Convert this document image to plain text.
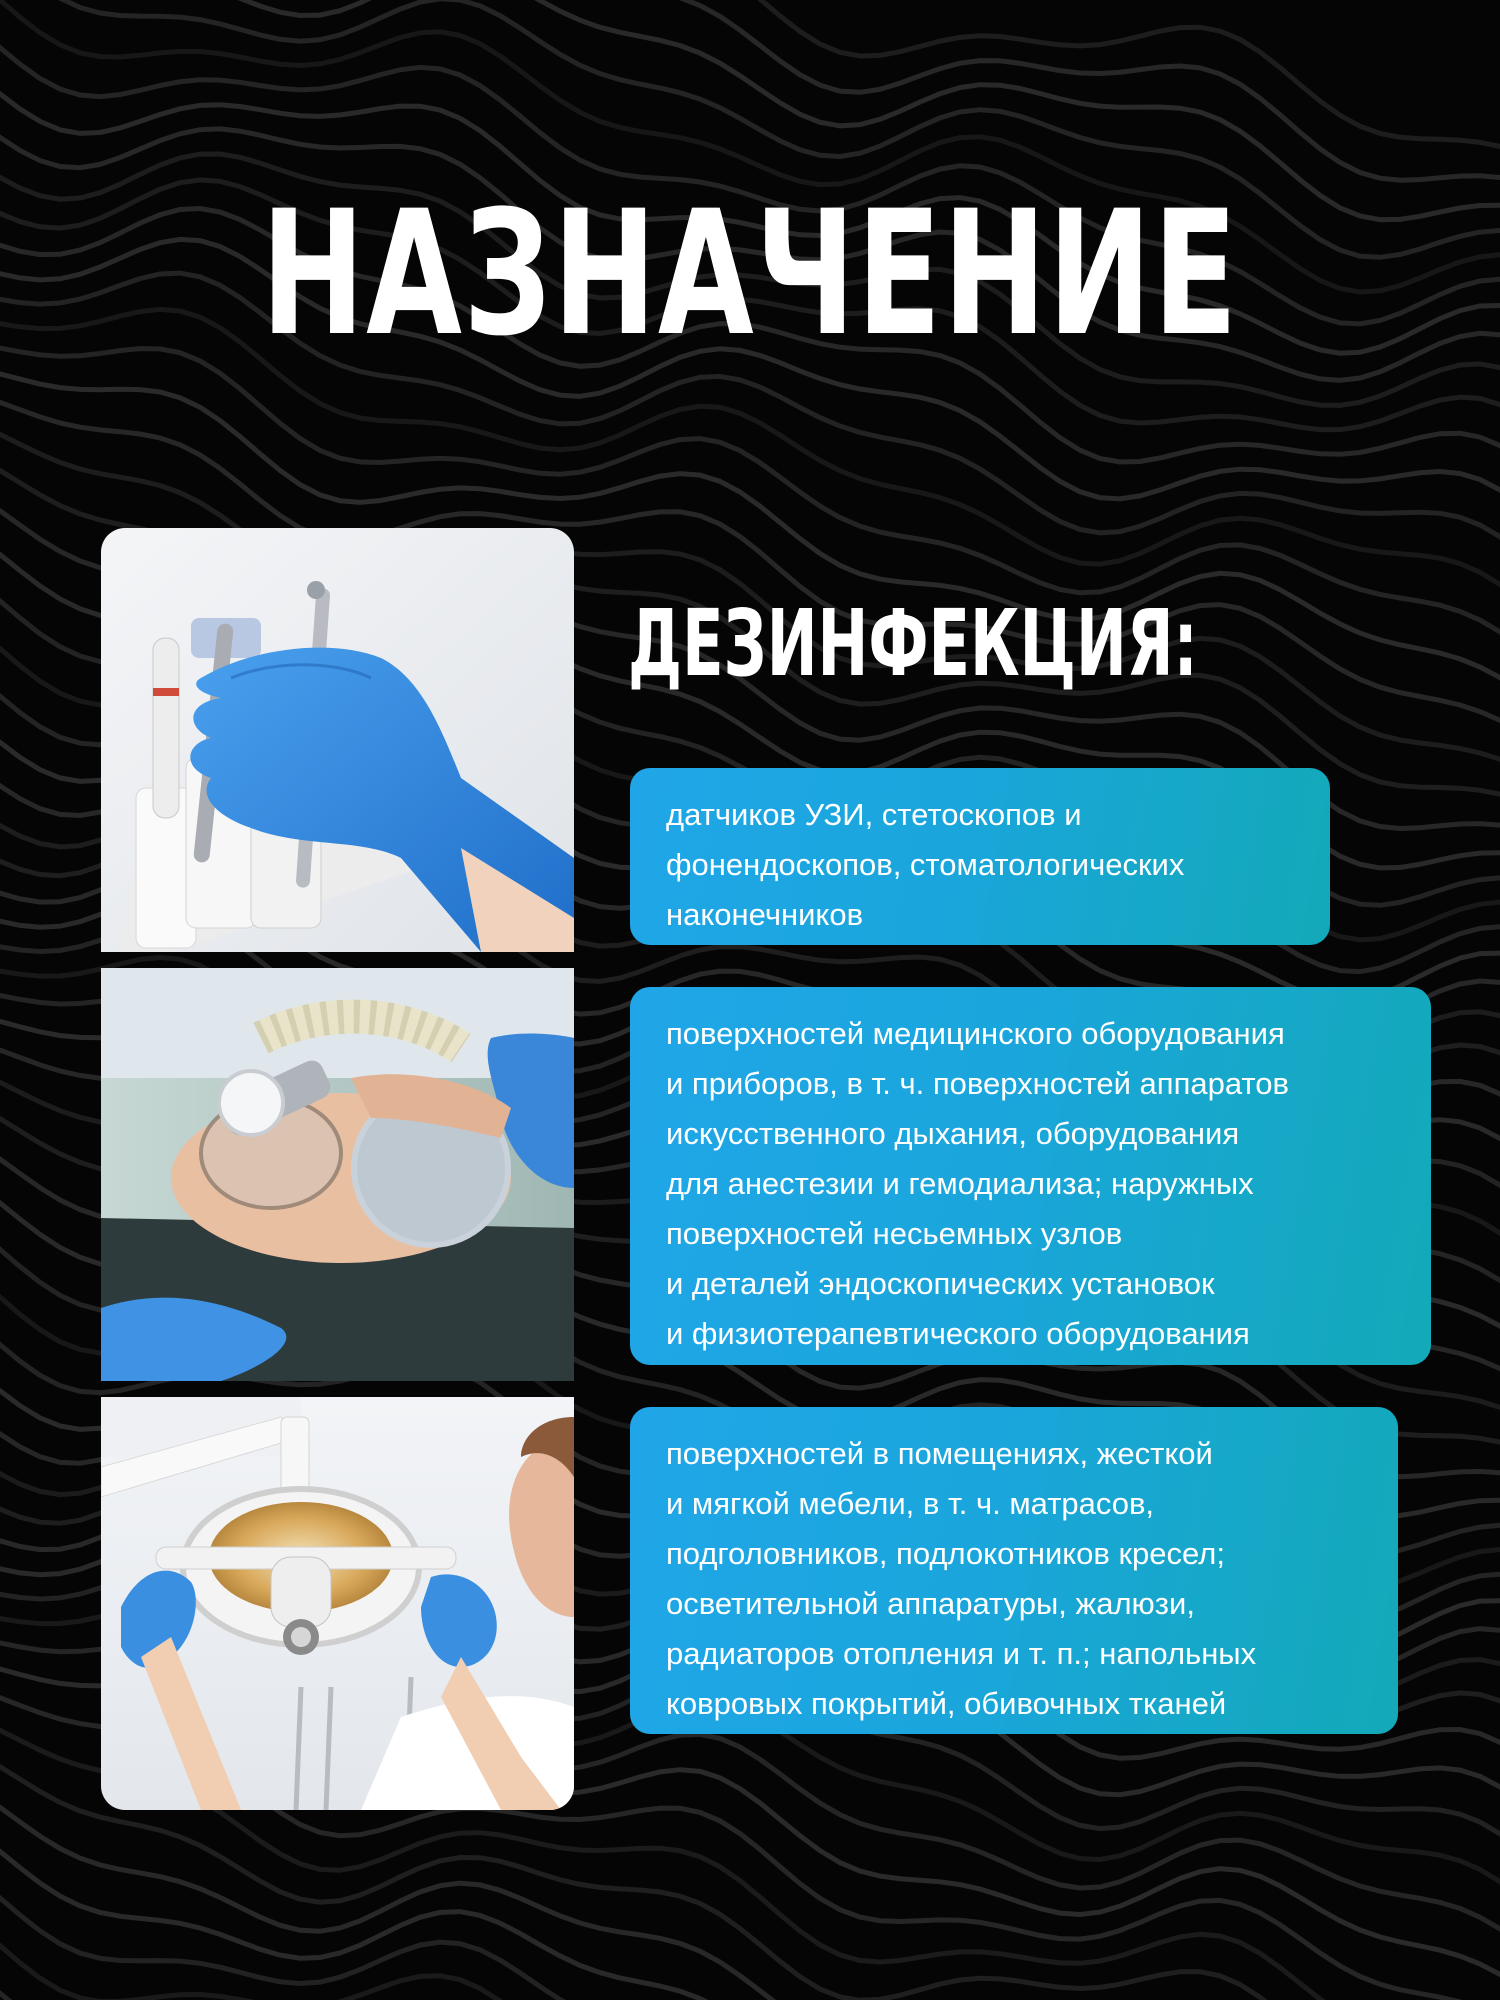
НАЗНАЧЕНИЕ
ДЕЗИНФЕКЦИЯ:
датчиков УЗИ, стетоскопов и
фонендоскопов, стоматологических
наконечников
поверхностей медицинского оборудования
и приборов, в т. ч. поверхностей аппаратов
искусственного дыхания, оборудования
для анестезии и гемодиализа; наружных
поверхностей несьемных узлов
и деталей эндоскопических установок
и физиотерапевтического оборудования
поверхностей в помещениях, жесткой
и мягкой мебели, в т. ч. матрасов,
подголовников, подлокотников кресел;
осветительной аппаратуры, жалюзи,
радиаторов отопления и т. п.; напольных
ковровых покрытий, обивочных тканей
